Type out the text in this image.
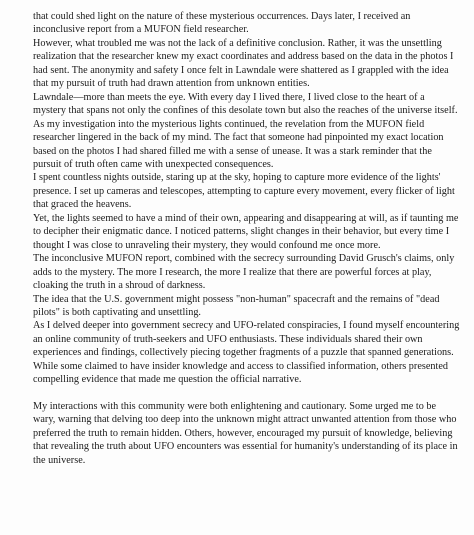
that could shed light on the nature of these mysterious occurrences. Days later, I received an inconclusive report from a MUFON field researcher.

However, what troubled me was not the lack of a definitive conclusion. Rather, it was the unsettling realization that the researcher knew my exact coordinates and address based on the data in the photos I had sent. The anonymity and safety I once felt in Lawndale were shattered as I grappled with the idea that my pursuit of truth had drawn attention from unknown entities.

Lawndale—more than meets the eye. With every day I lived there, I lived close to the heart of a mystery that spans not only the confines of this desolate town but also the reaches of the universe itself.

As my investigation into the mysterious lights continued, the revelation from the MUFON field researcher lingered in the back of my mind. The fact that someone had pinpointed my exact location based on the photos I had shared filled me with a sense of unease. It was a stark reminder that the pursuit of truth often came with unexpected consequences.

I spent countless nights outside, staring up at the sky, hoping to capture more evidence of the lights' presence. I set up cameras and telescopes, attempting to capture every movement, every flicker of light that graced the heavens.

Yet, the lights seemed to have a mind of their own, appearing and disappearing at will, as if taunting me to decipher their enigmatic dance. I noticed patterns, slight changes in their behavior, but every time I thought I was close to unraveling their mystery, they would confound me once more.

The inconclusive MUFON report, combined with the secrecy surrounding David Grusch's claims, only adds to the mystery. The more I research, the more I realize that there are powerful forces at play, cloaking the truth in a shroud of darkness.

The idea that the U.S. government might possess "non-human" spacecraft and the remains of "dead pilots" is both captivating and unsettling.

As I delved deeper into government secrecy and UFO-related conspiracies, I found myself encountering an online community of truth-seekers and UFO enthusiasts. These individuals shared their own experiences and findings, collectively piecing together fragments of a puzzle that spanned generations. While some claimed to have insider knowledge and access to classified information, others presented compelling evidence that made me question the official narrative.

My interactions with this community were both enlightening and cautionary. Some urged me to be wary, warning that delving too deep into the unknown might attract unwanted attention from those who preferred the truth to remain hidden. Others, however, encouraged my pursuit of knowledge, believing that revealing the truth about UFO encounters was essential for humanity's understanding of its place in the universe.
